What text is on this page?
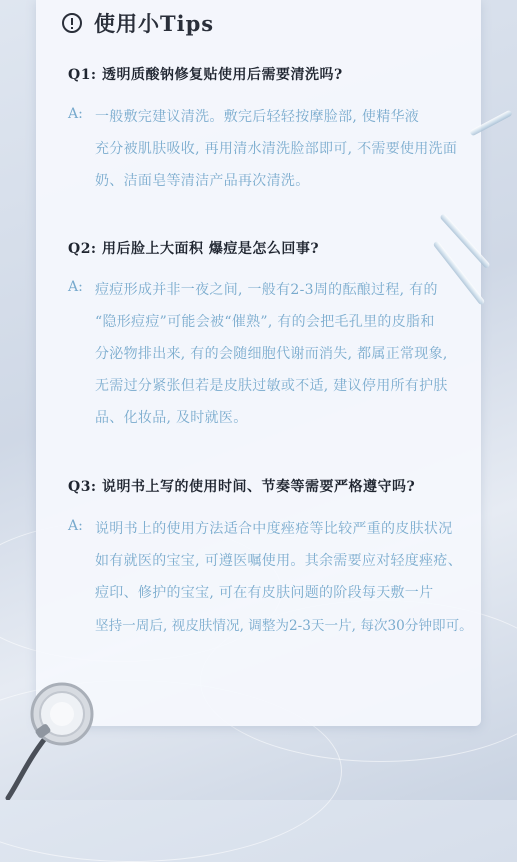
使用小Tips
Q1: 透明质酸钠修复贴使用后需要清洗吗?
A: 一般敷完建议清洗。敷完后轻轻按摩脸部, 使精华液
充分被肌肤吸收, 再用清水清洗脸部即可, 不需要使用洗面
奶、洁面皂等清洁产品再次清洗。
Q2: 用后脸上大面积 爆痘是怎么回事?
A: 痘痘形成并非一夜之间, 一般有2-3周的酝酿过程, 有的
“隐形痘痘”可能会被“催熟”, 有的会把毛孔里的皮脂和
分泌物排出来, 有的会随细胞代谢而消失, 都属正常现象,
无需过分紧张但若是皮肤过敏或不适, 建议停用所有护肤
品、化妆品, 及时就医。
Q3: 说明书上写的使用时间、节奏等需要严格遵守吗?
A: 说明书上的使用方法适合中度痤疮等比较严重的皮肤状况
如有就医的宝宝, 可遵医嘱使用。其余需要应对轻度痤疮、
痘印、修护的宝宝, 可在有皮肤问题的阶段每天敷一片
坚持一周后, 视皮肤情况, 调整为2-3天一片, 每次30分钟即可。
